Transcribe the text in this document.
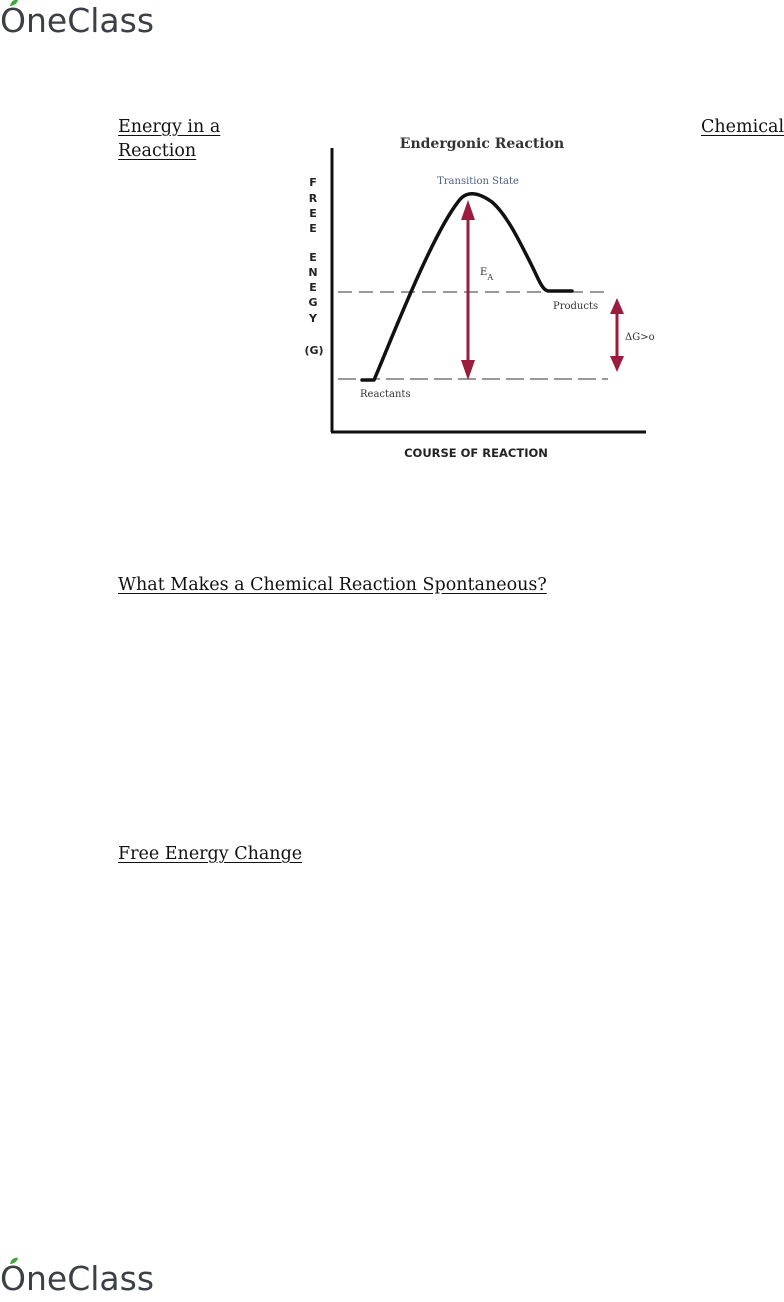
OneClass
Energy in a
Reaction
Chemical
Endergonic Reaction
F
R
E
E
E
N
E
G
Y
(G)
COURSE OF REACTION
Transition State
$E_A$
Products
Reactants
ΔG>o
What Makes a Chemical Reaction Spontaneous?
Free Energy Change
OneClass
